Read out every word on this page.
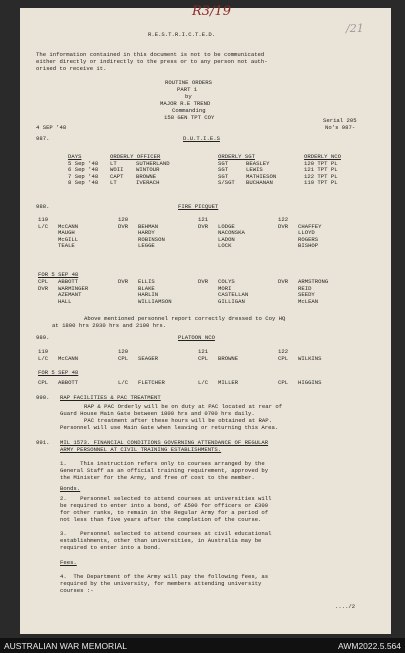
R3/19
/21
R.E.S.T.R.I.C.T.E.D.
The information contained in this document is not to be communicated
either directly or indirectly to the press or to any person not auth-
orised to receive it.
ROUTINE ORDERS
PART 1
by
MAJOR R.E TREND
Commanding
158 GEN TPT COY
4 SEP '48
Serial 205
No's 987-
987.	D.U.T.I.E.S
DAYS	ORDERLY OFFICER	ORDERLY SGT	ORDERLY NCO
5 Sep '48	LT SUTHERLAND	SGT BEASLEY	120 TPT PL
6 Sep '48	WOII WINTOUR	SGT LEWIS	121 TPT PL
7 Sep '48	CAPT BROWNE	SGT MATHIESON	122 TPT PL
8 Sep '48	LT IVERACH	S/SGT BUCHANAN	119 TPT PL
988.	FIRE PICQUET
119	120	121	122
L/C McCANN	DVR BEHMAN	DVR LODGE	DVR CHAFFEY
MAUGH	HARDY	NACONSKA	LLOYD
McGILL	ROBINSON	LADON	ROGERS
TEALE	LEGGE	LOCK	BISHOP
FOR 5 SEP 48
CPL ABBOTT	DVR ELLIS	DVR COLYS	DVR ARMSTRONG
DVR WARMINGER	BLAKE	MORI	REID
AZEMANT	HARLIN	CASTELLAN	SEEDY
HALL	WILLIAMSON	GILLIGAN	McLEAN
Above mentioned personnel report correctly dressed to Coy HQ
at 1800 hrs 2030 hrs and 2100 hrs.
989.	PLATOON NCO
119	120	121	122
L/C McCANN	CPL SEAGER	CPL BROWNE	CPL WILKINS
FOR 5 SEP 48
CPL ABBOTT	L/C FLETCHER	L/C MILLER	CPL HIGGINS
990. RAP FACILITIES & PAC TREATMENT
RAP & PAC Orderly will be on duty at PAC located at rear of
Guard House Main Gate between 1800 hrs and 0700 hrs daily.
PAC treatment after these hours will be obtained at RAP.
Personnel will use Main Gate when leaving or returning this Area.
991. MIL 1573. FINANCIAL CONDITIONS GOVERNING ATTENDANCE OF REGULAR
ARMY PERSONNEL AT CIVIL TRAINING ESTABLISHMENTS.
1.    This instruction refers only to courses arranged by the
General Staff as an official training requirement, approved by
the Minister for the Army, and free of cost to the member.
Bonds.
2.    Personnel selected to attend courses at universities will
be required to enter into a bond, of £500 for officers or £300
for other ranks, to remain in the Regular Army for a period of
not less than five years after the completion of the course.
3.    Personnel selected to attend courses at civil educational
establishments, other than universities, in Australia may be
required to enter into a bond.
Fees.
4.  The Department of the Army will pay the following fees, as
required by the university, for members attending university
courses :-
..../2
AUSTRALIAN WAR MEMORIAL	AWM2022.5.564
